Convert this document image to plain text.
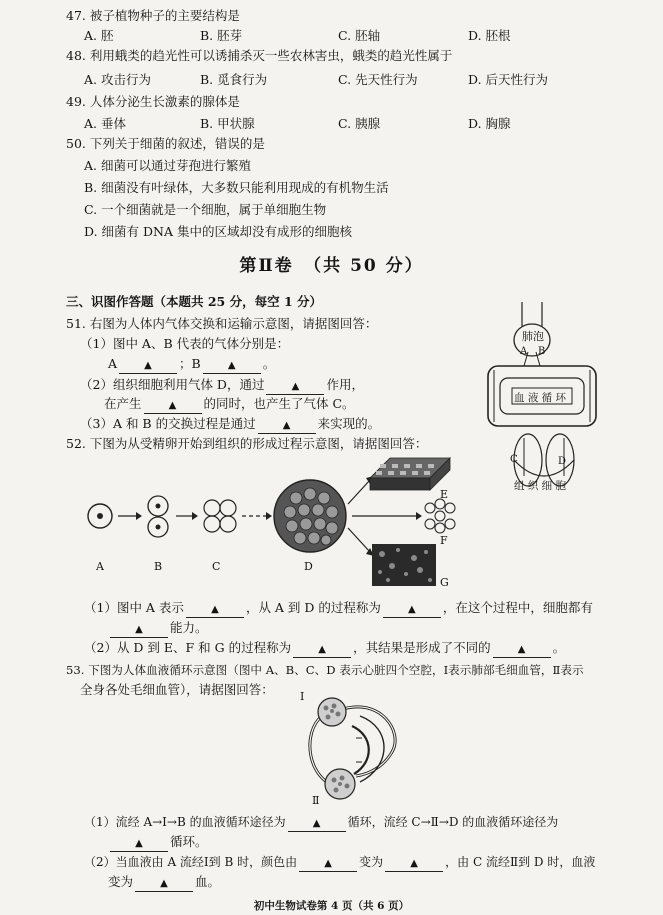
47. 被子植物种子的主要结构是
A. 胚	B. 胚芽	C. 胚轴	D. 胚根
48. 利用蛾类的趋光性可以诱捕杀灭一些农林害虫，蛾类的趋光性属于
A. 攻击行为	B. 觅食行为	C. 先天性行为	D. 后天性行为
49. 人体分泌生长激素的腺体是
A. 垂体	B. 甲状腺	C. 胰腺	D. 胸腺
50. 下列关于细菌的叙述，错误的是
A. 细菌可以通过芽孢进行繁殖
B. 细菌没有叶绿体，大多数只能利用现成的有机物生活
C. 一个细菌就是一个细胞，属于单细胞生物
D. 细菌有 DNA 集中的区域却没有成形的细胞核
第Ⅱ卷　（共 50 分）
三、识图作答题（本题共 25 分，每空 1 分）
51. 右图为人体内气体交换和运输示意图，请据图回答：
（1）图中 A、B 代表的气体分别是：
A	▲ ；B	▲ 。
（2）组织细胞利用气体 D，通过	▲ 作用，
在产生	▲ 的同时，也产生了气体 C。
（3）A 和 B 的交换过程是通过	▲ 来实现的。
肺泡
A B
血 液 循 环
C	D
组 织 细 胞
52. 下图为从受精卵开始到组织的形成过程示意图，请据图回答：
A	B	C	D
E
F
G
（1）图中 A 表示	▲ ，从 A 到 D 的过程称为	▲ ，在这个过程中，细胞都有
▲ 能力。
（2）从 D 到 E、F 和 G 的过程称为	▲ ，其结果是形成了不同的	▲ 。
53. 下图为人体血液循环示意图（图中 A、B、C、D 表示心脏四个空腔，Ⅰ表示肺部毛细血管，Ⅱ表示
全身各处毛细血管），请据图回答： Ⅰ
Ⅱ
（1）流经 A→Ⅰ→B 的血液循环途径为	▲ 循环，流经 C→Ⅱ→D 的血液循环途径为
▲ 循环。
（2）当血液由 A 流经Ⅰ到 B 时，颜色由	▲ 变为	▲ ，由 C 流经Ⅱ到 D 时，血液
变为	▲ 血。
初中生物试卷第 4 页（共 6 页）
